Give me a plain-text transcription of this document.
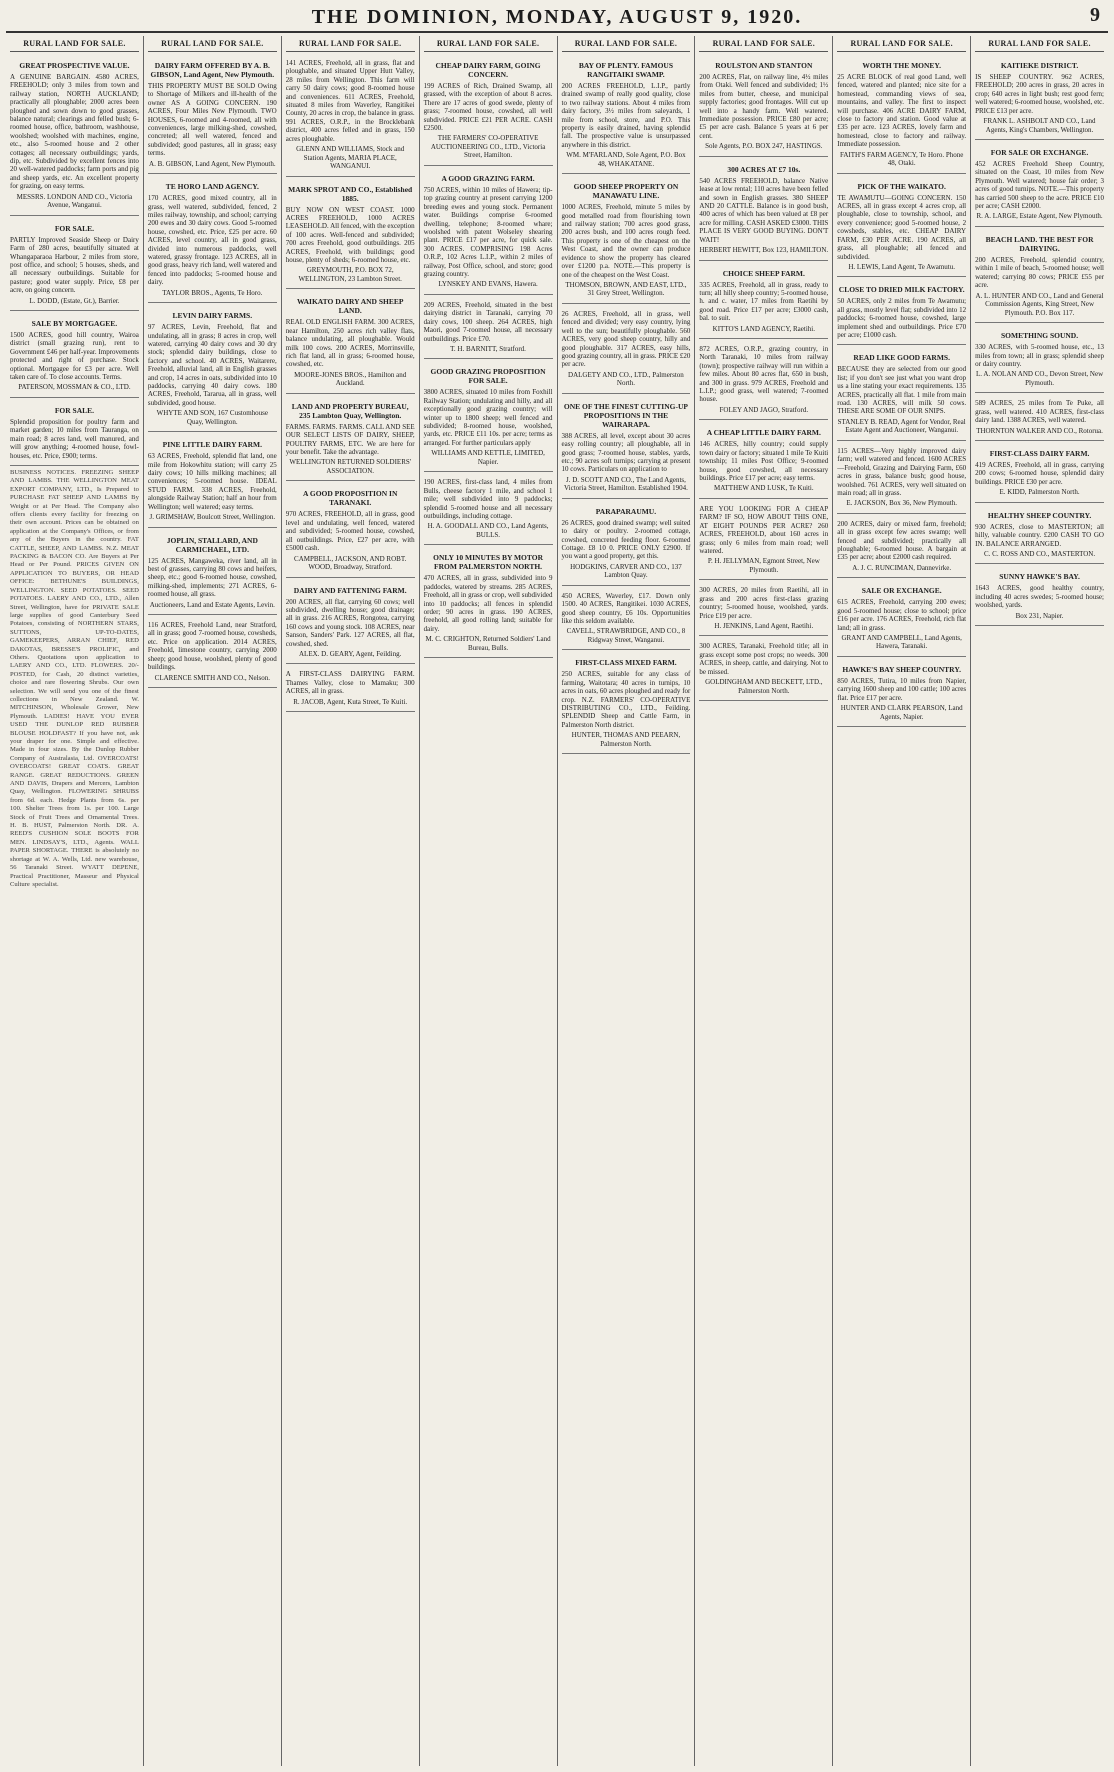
THE DOMINION, MONDAY, AUGUST 9, 1920.	9
RURAL LAND FOR SALE.
GREAT PROSPECTIVE VALUE.
A GENUINE BARGAIN. 4580 ACRES, FREEHOLD; only 3 miles from town and railway station, NORTH AUCKLAND; practically all ploughable; 2000 acres been ploughed and sown down to good grasses, balance natural; clearings and felled bush; 6-roomed house, office, bathroom, washhouse, woolshed; woolshed with machines, engine, etc., also 5-roomed house and 2 other cottages; all necessary outbuildings; yards, dip, etc. Subdivided by excellent fences into 20 well-watered paddocks; farm ports and pig and sheep yards, etc. An excellent property for grazing, on easy terms.
MESSRS. LONDON AND CO., Victoria Avenue, Wanganui.
FOR SALE.
PARTLY Improved Seaside Sheep or Dairy Farm of 280 acres, beautifully situated at Whangaparaoa Harbour, 2 miles from store, post office, and school; 5 houses, sheds, and all necessary outbuildings. Suitable for pasture; good water supply. Price, £8 per acre, on going concern.
L. DODD, (Estate, Gt.), Barrier.
SALE BY MORTGAGEE.
1500 ACRES, good hill country, Wairoa district (small grazing run), rent to Government £46 per half-year. Improvements protected and right of purchase. Stock optional. Mortgagee for £3 per acre. Well taken care of. To close accounts. Terms.
PATERSON, MOSSMAN & CO., LTD.
FOR SALE.
Splendid proposition for poultry farm and market garden; 10 miles from Tauranga, on main road; 8 acres land, well manured, and will grow anything; 4-roomed house, fowl-houses, etc. Price, £900; terms.
BUSINESS NOTICES. FREEZING SHEEP AND LAMBS. THE WELLINGTON MEAT EXPORT COMPANY, LTD., Is Prepared to PURCHASE FAT SHEEP AND LAMBS By Weight or at Per Head. The Company also offers clients every facility for freezing on their own account. Prices can be obtained on application at the Company's Offices, or from any of the Buyers in the country. FAT CATTLE, SHEEP, AND LAMBS. N.Z. MEAT PACKING & BACON CO. Are Buyers at Per Head or Per Pound. PRICES GIVEN ON APPLICATION TO BUYERS, OR HEAD OFFICE: BETHUNE'S BUILDINGS, WELLINGTON. SEED POTATOES. SEED POTATOES. LAERY AND CO., LTD., Allen Street, Wellington, have for PRIVATE SALE large supplies of good Canterbury Seed Potatoes, consisting of NORTHERN STARS, SUTTONS, UP-TO-DATES, GAMEKEEPERS, ARRAN CHIEF, RED DAKOTAS, BRESSE'S PROLIFIC, and Others. Quotations upon application to LAERY AND CO., LTD. FLOWERS. 20/- POSTED, for Cash, 20 distinct varieties, choice and rare flowering Shrubs. Our own selection. We will send you one of the finest collections in New Zealand. W. MITCHINSON, Wholesale Grower, New Plymouth. LADIES! HAVE YOU EVER USED THE DUNLOP RED RUBBER BLOUSE HOLDFAST? If you have not, ask your draper for one. Simple and effective. Made in four sizes. By the Dunlop Rubber Company of Australasia, Ltd. OVERCOATS! OVERCOATS! GREAT COATS. GREAT RANGE. GREAT REDUCTIONS. GREEN AND DAVIS, Drapers and Mercers, Lambton Quay, Wellington. FLOWERING SHRUBS from 6d. each. Hedge Plants from 6s. per 100. Shelter Trees from 1s. per 100. Large Stock of Fruit Trees and Ornamental Trees. H. B. HUST, Palmerston North. DR. A. REED'S CUSHION SOLE BOOTS FOR MEN. LINDSAY'S, LTD., Agents. WALL PAPER SHORTAGE. THERE is absolutely no shortage at W. A. Wells, Ltd. new warehouse, 56 Taranaki Street. WYATT DEPENE, Practical Practitioner, Masseur and Physical Culture specialist.
RURAL LAND FOR SALE.
DAIRY FARM OFFERED BY A. B. GIBSON, Land Agent, New Plymouth.
THIS PROPERTY MUST BE SOLD Owing to Shortage of Milkers and ill-health of the owner AS A GOING CONCERN. 190 ACRES, Four Miles New Plymouth. TWO HOUSES, 6-roomed and 4-roomed, all with conveniences, large milking-shed, cowshed, concreted; all well watered, fenced and subdivided; good pastures, all in grass; easy terms.
A. B. GIBSON, Land Agent, New Plymouth.
TE HORO LAND AGENCY.
170 ACRES, good mixed country, all in grass, well watered, subdivided, fenced, 2 miles railway, township, and school; carrying 200 ewes and 30 dairy cows. Good 5-roomed house, cowshed, etc. Price, £25 per acre. 60 ACRES, level country, all in good grass, divided into numerous paddocks, well watered, grassy frontage. 123 ACRES, all in good grass, heavy rich land, well watered and fenced into paddocks; 5-roomed house and dairy.
TAYLOR BROS., Agents, Te Horo.
LEVIN DAIRY FARMS.
97 ACRES, Levin, Freehold, flat and undulating, all in grass; 8 acres in crop, well watered, carrying 40 dairy cows and 30 dry stock; splendid dairy buildings, close to factory and school. 40 ACRES, Waitarere, Freehold, alluvial land, all in English grasses and crop, 14 acres in oats, subdivided into 10 paddocks, carrying 40 dairy cows. 180 ACRES, Freehold, Tararua, all in grass, well subdivided, good house.
WHYTE AND SON, 167 Customhouse Quay, Wellington.
PINE LITTLE DAIRY FARM.
63 ACRES, Freehold, splendid flat land, one mile from Hokowhitu station; will carry 25 dairy cows; 10 hills milking machines; all conveniences; 5-roomed house. IDEAL STUD FARM. 338 ACRES, Freehold, alongside Railway Station; half an hour from Wellington; well watered; easy terms.
J. GRIMSHAW, Boulcott Street, Wellington.
JOPLIN, STALLARD, AND CARMICHAEL, LTD.
125 ACRES, Mangaweka, river land, all in best of grasses, carrying 80 cows and heifers, sheep, etc.; good 6-roomed house, cowshed, milking-shed, implements; 271 ACRES, 6-roomed house, all grass.
Auctioneers, Land and Estate Agents, Levin.
116 ACRES, Freehold Land, near Stratford, all in grass; good 7-roomed house, cowsheds, etc. Price on application. 2014 ACRES, Freehold, limestone country, carrying 2000 sheep; good house, woolshed, plenty of good buildings.
CLARENCE SMITH AND CO., Nelson.
RURAL LAND FOR SALE.
141 ACRES, Freehold, all in grass, flat and ploughable, and situated Upper Hutt Valley, 28 miles from Wellington. This farm will carry 50 dairy cows; good 8-roomed house and conveniences. 611 ACRES, Freehold, situated 8 miles from Waverley, Rangitikei County, 20 acres in crop, the balance in grass. 991 ACRES, O.R.P., in the Brocklebank district, 400 acres felled and in grass, 150 acres ploughable.
GLENN AND WILLIAMS, Stock and Station Agents, MARIA PLACE, WANGANUI.
MARK SPROT AND CO., Established 1885.
BUY NOW ON WEST COAST. 1000 ACRES FREEHOLD, 1000 ACRES LEASEHOLD. All fenced, with the exception of 100 acres. Well-fenced and subdivided; 700 acres Freehold, good outbuildings. 205 ACRES, Freehold, with buildings; good house, plenty of sheds; 6-roomed house, etc.
GREYMOUTH, P.O. BOX 72, WELLINGTON, 23 Lambton Street.
WAIKATO DAIRY AND SHEEP LAND.
REAL OLD ENGLISH FARM. 300 ACRES, near Hamilton, 250 acres rich valley flats, balance undulating, all ploughable. Would milk 100 cows. 200 ACRES, Morrinsville, rich flat land, all in grass; 6-roomed house, cowshed, etc.
MOORE-JONES BROS., Hamilton and Auckland.
LAND AND PROPERTY BUREAU, 235 Lambton Quay, Wellington.
FARMS. FARMS. FARMS. CALL AND SEE OUR SELECT LISTS OF DAIRY, SHEEP, POULTRY FARMS, ETC. We are here for your benefit. Take the advantage.
WELLINGTON RETURNED SOLDIERS' ASSOCIATION.
A GOOD PROPOSITION IN TARANAKI.
970 ACRES, FREEHOLD, all in grass, good level and undulating, well fenced, watered and subdivided; 5-roomed house, cowshed, all outbuildings. Price, £27 per acre, with £5000 cash.
CAMPBELL, JACKSON, AND ROBT. WOOD, Broadway, Stratford.
DAIRY AND FATTENING FARM.
200 ACRES, all flat, carrying 60 cows; well subdivided, dwelling house; good drainage; all in grass. 216 ACRES, Rongotea, carrying 160 cows and young stock. 108 ACRES, near Sanson, Sanders' Park. 127 ACRES, all flat, cowshed, shed.
ALEX. D. GEARY, Agent, Feilding.
A FIRST-CLASS DAIRYING FARM. Thames Valley, close to Mamaku; 300 ACRES, all in grass.
R. JACOB, Agent, Kuta Street, Te Kuiti.
RURAL LAND FOR SALE.
CHEAP DAIRY FARM, GOING CONCERN.
199 ACRES of Rich, Drained Swamp, all grassed, with the exception of about 8 acres. There are 17 acres of good swede, plenty of grass; 7-roomed house, cowshed, all well subdivided. PRICE £21 PER ACRE. CASH £2500.
THE FARMERS' CO-OPERATIVE AUCTIONEERING CO., LTD., Victoria Street, Hamilton.
A GOOD GRAZING FARM.
750 ACRES, within 10 miles of Hawera; tip-top grazing country at present carrying 1200 breeding ewes and young stock. Permanent water. Buildings comprise 6-roomed dwelling, telephone; 8-roomed whare; woolshed with patent Wolseley shearing plant. PRICE £17 per acre, for quick sale. 300 ACRES. COMPRISING 198 Acres O.R.P., 102 Acres L.I.P., within 2 miles of railway, Post Office, school, and store; good grazing country.
LYNSKEY AND EVANS, Hawera.
209 ACRES, Freehold, situated in the best dairying district in Taranaki, carrying 70 dairy cows, 100 sheep. 264 ACRES, high Maori, good 7-roomed house, all necessary outbuildings. Price £70.
T. H. BARNITT, Stratford.
GOOD GRAZING PROPOSITION FOR SALE.
3800 ACRES, situated 10 miles from Foxhill Railway Station; undulating and hilly, and all exceptionally good grazing country; will winter up to 1800 sheep; well fenced and subdivided; 8-roomed house, woolshed, yards, etc. PRICE £11 10s. per acre; terms as arranged. For further particulars apply
WILLIAMS AND KETTLE, LIMITED, Napier.
190 ACRES, first-class land, 4 miles from Bulls, cheese factory 1 mile, and school 1 mile; well subdivided into 9 paddocks; splendid 5-roomed house and all necessary outbuildings, including cottage.
H. A. GOODALL AND CO., Land Agents, BULLS.
ONLY 10 MINUTES BY MOTOR FROM PALMERSTON NORTH.
470 ACRES, all in grass, subdivided into 9 paddocks, watered by streams. 285 ACRES, Freehold, all in grass or crop, well subdivided into 10 paddocks; all fences in splendid order; 90 acres in grass. 190 ACRES, freehold, all good rolling land; suitable for dairy.
M. C. CRIGHTON, Returned Soldiers' Land Bureau, Bulls.
RURAL LAND FOR SALE.
BAY OF PLENTY. FAMOUS RANGITAIKI SWAMP.
200 ACRES FREEHOLD, L.I.P., partly drained swamp of really good quality, close to two railway stations. About 4 miles from dairy factory, 3½ miles from saleyards, 1 mile from school, store, and P.O. This property is easily drained, having splendid fall. The prospective value is unsurpassed anywhere in this district.
WM. M'FARLAND, Sole Agent, P.O. Box 48, WHAKATANE.
GOOD SHEEP PROPERTY ON MANAWATU LINE.
1000 ACRES, Freehold, minute 5 miles by good metalled road from flourishing town and railway station; 700 acres good grass, 200 acres bush, and 100 acres rough feed. This property is one of the cheapest on the West Coast, and the owner can produce evidence to show the property has cleared over £1200 p.a. NOTE.—This property is one of the cheapest on the West Coast.
THOMSON, BROWN, AND EAST, LTD., 31 Grey Street, Wellington.
26 ACRES, Freehold, all in grass, well fenced and divided; very easy country, lying well to the sun; beautifully ploughable. 560 ACRES, very good sheep country, hilly and good ploughable. 317 ACRES, easy hills, good grazing country, all in grass. PRICE £20 per acre.
DALGETY AND CO., LTD., Palmerston North.
ONE OF THE FINEST CUTTING-UP PROPOSITIONS IN THE WAIRARAPA.
388 ACRES, all level, except about 30 acres easy rolling country; all ploughable, all in good grass; 7-roomed house, stables, yards, etc.; 90 acres soft turnips; carrying at present 10 cows. Particulars on application to
J. D. SCOTT AND CO., The Land Agents, Victoria Street, Hamilton. Established 1904.
PARAPARAUMU.
26 ACRES, good drained swamp; well suited to dairy or poultry. 2-roomed cottage, cowshed, concreted feeding floor. 6-roomed Cottage. £8 10 0. PRICE ONLY £2900. If you want a good property, get this.
HODGKINS, CARVER AND CO., 137 Lambton Quay.
450 ACRES, Waverley, £17. Down only 1500. 40 ACRES, Rangitikei. 1030 ACRES, good sheep country, £6 10s. Opportunities like this seldom available.
CAVELL, STRAWBRIDGE, AND CO., 8 Ridgway Street, Wanganui.
FIRST-CLASS MIXED FARM.
250 ACRES, suitable for any class of farming, Waitotara; 40 acres in turnips, 10 acres in oats, 60 acres ploughed and ready for crop. N.Z. FARMERS' CO-OPERATIVE DISTRIBUTING CO., LTD., Feilding. SPLENDID Sheep and Cattle Farm, in Palmerston North district.
HUNTER, THOMAS AND PEEARN, Palmerston North.
RURAL LAND FOR SALE.
ROULSTON AND STANTON
200 ACRES, Flat, on railway line, 4½ miles from Otaki. Well fenced and subdivided; 1½ miles from butter, cheese, and municipal supply factories; good frontages. Will cut up well into a handy farm. Well watered. Immediate possession. PRICE £80 per acre; £5 per acre cash. Balance 5 years at 6 per cent.
Sole Agents, P.O. BOX 247, HASTINGS.
300 ACRES AT £7 10s.
540 ACRES FREEHOLD, balance Native lease at low rental; 110 acres have been felled and sown in English grasses. 380 SHEEP AND 20 CATTLE. Balance is in good bush, 400 acres of which has been valued at £8 per acre for milling. CASH ASKED £3000. THIS PLACE IS VERY GOOD BUYING. DON'T WAIT!
HERBERT HEWITT, Box 123, HAMILTON.
CHOICE SHEEP FARM.
335 ACRES, Freehold, all in grass, ready to turn; all hilly sheep country; 5-roomed house, h. and c. water, 17 miles from Raetihi by good road. Price £17 per acre; £3000 cash, bal. to suit.
KITTO'S LAND AGENCY, Raetihi.
872 ACRES, O.R.P., grazing country, in North Taranaki, 10 miles from railway (town); prospective railway will run within a few miles. About 80 acres flat, 650 in bush, and 300 in grass. 979 ACRES, Freehold and L.I.P.; good grass, well watered; 7-roomed house.
FOLEY AND JAGO, Stratford.
A CHEAP LITTLE DAIRY FARM.
146 ACRES, hilly country; could supply town dairy or factory; situated 1 mile Te Kuiti township; 11 miles Post Office; 9-roomed house, good cowshed, all necessary buildings. Price £17 per acre; easy terms.
MATTHEW AND LUSK, Te Kuiti.
ARE YOU LOOKING FOR A CHEAP FARM? IF SO, HOW ABOUT THIS ONE, AT EIGHT POUNDS PER ACRE? 260 ACRES, FREEHOLD, about 160 acres in grass; only 6 miles from main road; well watered.
P. H. JELLYMAN, Egmont Street, New Plymouth.
300 ACRES, 20 miles from Raetihi, all in grass and 200 acres first-class grazing country; 5-roomed house, woolshed, yards. Price £19 per acre.
H. JENKINS, Land Agent, Raetihi.
300 ACRES, Taranaki, Freehold title; all in grass except some post crops; no weeds. 300 ACRES, in sheep, cattle, and dairying. Not to be missed.
GOLDINGHAM AND BECKETT, LTD., Palmerston North.
RURAL LAND FOR SALE.
WORTH THE MONEY.
25 ACRE BLOCK of real good Land, well fenced, watered and planted; nice site for a homestead, commanding views of sea, mountains, and valley. The first to inspect will purchase. 406 ACRE DAIRY FARM, close to factory and station. Good value at £35 per acre. 123 ACRES, lovely farm and homestead, close to factory and railway. Immediate possession.
FAITH'S FARM AGENCY, Te Horo. Phone 48, Otaki.
PICK OF THE WAIKATO.
TE AWAMUTU—GOING CONCERN. 150 ACRES, all in grass except 4 acres crop, all ploughable, close to township, school, and every convenience; good 5-roomed house, 2 cowsheds, stables, etc. CHEAP DAIRY FARM, £30 PER ACRE. 190 ACRES, all grass, all ploughable; all fenced and subdivided.
H. LEWIS, Land Agent, Te Awamutu.
CLOSE TO DRIED MILK FACTORY.
50 ACRES, only 2 miles from Te Awamutu; all grass, mostly level flat; subdivided into 12 paddocks; 6-roomed house, cowshed, large implement shed and outbuildings. Price £70 per acre; £1000 cash.
READ LIKE GOOD FARMS.
BECAUSE they are selected from our good list; if you don't see just what you want drop us a line stating your exact requirements. 135 ACRES, practically all flat. 1 mile from main road. 130 ACRES, will milk 50 cows. THESE ARE SOME OF OUR SNIPS.
STANLEY B. READ, Agent for Vendor, Real Estate Agent and Auctioneer, Wanganui.
115 ACRES—Very highly improved dairy farm; well watered and fenced. 1600 ACRES—Freehold, Grazing and Dairying Farm, £60 acres in grass, balance bush; good house, woolshed. 761 ACRES, very well situated on main road; all in grass.
E. JACKSON, Box 36, New Plymouth.
200 ACRES, dairy or mixed farm, freehold; all in grass except few acres swamp; well fenced and subdivided; practically all ploughable; 6-roomed house. A bargain at £35 per acre; about £2000 cash required.
A. J. C. RUNCIMAN, Dannevirke.
SALE OR EXCHANGE.
615 ACRES, Freehold, carrying 200 ewes; good 5-roomed house; close to school; price £16 per acre. 176 ACRES, Freehold, rich flat land; all in grass.
GRANT AND CAMPBELL, Land Agents, Hawera, Taranaki.
HAWKE'S BAY SHEEP COUNTRY.
850 ACRES, Tutira, 10 miles from Napier, carrying 1600 sheep and 100 cattle; 100 acres flat. Price £17 per acre.
HUNTER AND CLARK PEARSON, Land Agents, Napier.
RURAL LAND FOR SALE.
KAITIEKE DISTRICT.
IS SHEEP COUNTRY. 962 ACRES, FREEHOLD; 200 acres in grass, 20 acres in crop; 640 acres in light bush; rest good fern; well watered; 6-roomed house, woolshed, etc. PRICE £13 per acre.
FRANK L. ASHBOLT AND CO., Land Agents, King's Chambers, Wellington.
FOR SALE OR EXCHANGE.
452 ACRES Freehold Sheep Country, situated on the Coast, 10 miles from New Plymouth. Well watered; house fair order; 3 acres of good turnips. NOTE.—This property has carried 500 sheep to the acre. PRICE £10 per acre; CASH £2000.
R. A. LARGE, Estate Agent, New Plymouth.
BEACH LAND. THE BEST FOR DAIRYING.
200 ACRES, Freehold, splendid country, within 1 mile of beach, 5-roomed house; well watered; carrying 80 cows; PRICE £55 per acre.
A. L. HUNTER AND CO., Land and General Commission Agents, King Street, New Plymouth. P.O. Box 117.
SOMETHING SOUND.
330 ACRES, with 5-roomed house, etc., 13 miles from town; all in grass; splendid sheep or dairy country.
L. A. NOLAN AND CO., Devon Street, New Plymouth.
589 ACRES, 25 miles from Te Puke, all grass, well watered. 410 ACRES, first-class dairy land. 1388 ACRES, well watered.
THORNTON WALKER AND CO., Rotorua.
FIRST-CLASS DAIRY FARM.
419 ACRES, Freehold, all in grass, carrying 200 cows; 6-roomed house, splendid dairy buildings. PRICE £30 per acre.
E. KIDD, Palmerston North.
HEALTHY SHEEP COUNTRY.
930 ACRES, close to MASTERTON; all hilly, valuable country. £200 CASH TO GO IN. BALANCE ARRANGED.
C. C. ROSS AND CO., MASTERTON.
SUNNY HAWKE'S BAY.
1643 ACRES, good healthy country, including 40 acres swedes; 5-roomed house; woolshed, yards.
Box 231, Napier.
